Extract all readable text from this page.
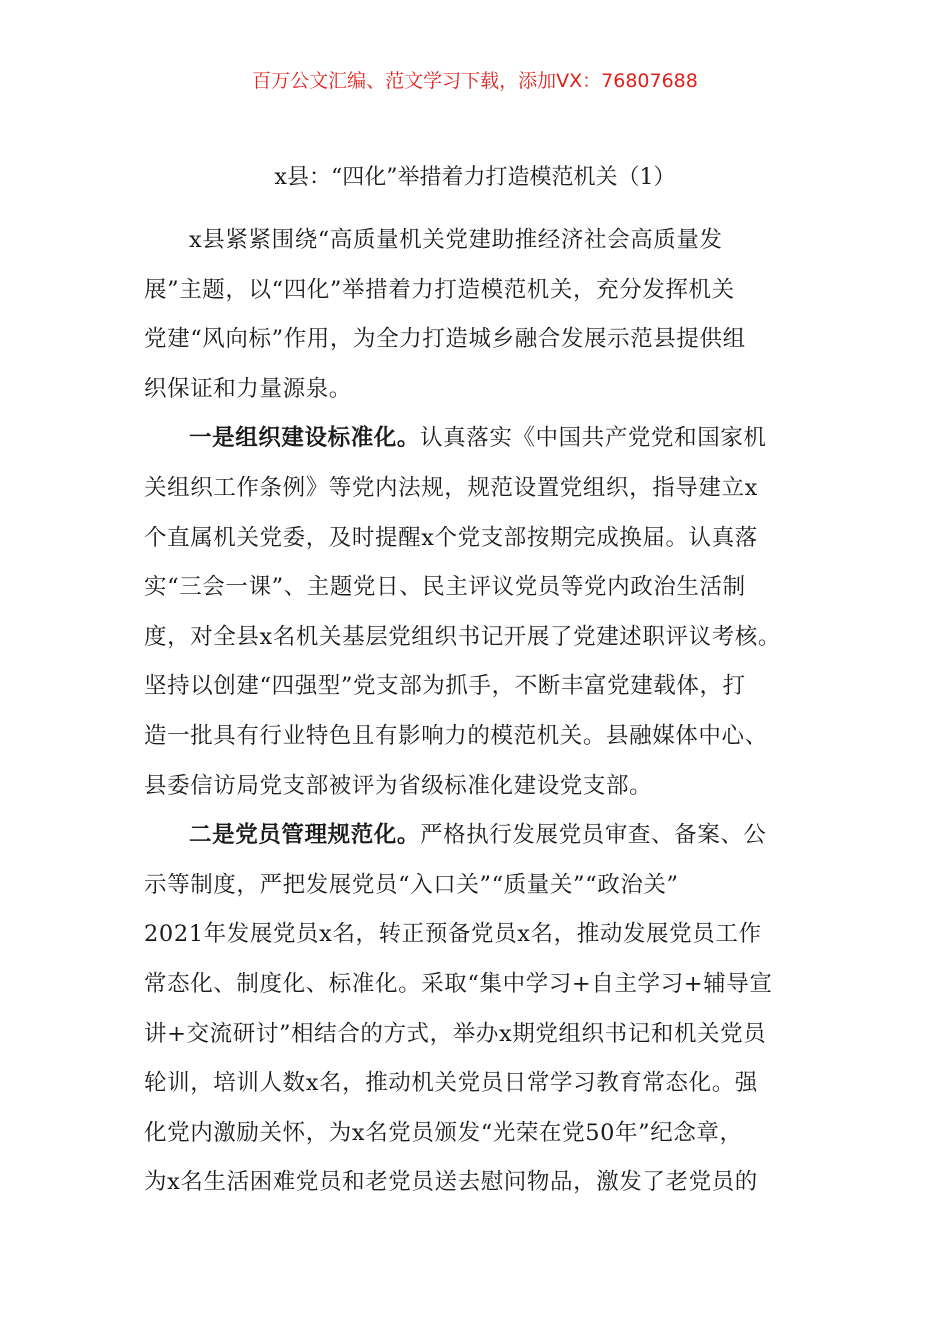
百万公文汇编、范文学习下载，添加VX：76807688
x县：“四化”举措着力打造模范机关（1）
x县紧紧围绕“高质量机关党建助推经济社会高质量发
展”主题，以“四化”举措着力打造模范机关，充分发挥机关
党建“风向标”作用，为全力打造城乡融合发展示范县提供组
织保证和力量源泉。
一是组织建设标准化。认真落实《中国共产党党和国家机
关组织工作条例》等党内法规，规范设置党组织，指导建立x
个直属机关党委，及时提醒x个党支部按期完成换届。认真落
实“三会一课”、主题党日、民主评议党员等党内政治生活制
度，对全县x名机关基层党组织书记开展了党建述职评议考核。
坚持以创建“四强型”党支部为抓手，不断丰富党建载体，打
造一批具有行业特色且有影响力的模范机关。县融媒体中心、
县委信访局党支部被评为省级标准化建设党支部。
二是党员管理规范化。严格执行发展党员审查、备案、公
示等制度，严把发展党员“入口关”“质量关”“政治关”
2021年发展党员x名，转正预备党员x名，推动发展党员工作
常态化、制度化、标准化。采取“集中学习+自主学习+辅导宣
讲+交流研讨”相结合的方式，举办x期党组织书记和机关党员
轮训，培训人数x名，推动机关党员日常学习教育常态化。强
化党内激励关怀，为x名党员颁发“光荣在党50年”纪念章，
为x名生活困难党员和老党员送去慰问物品，激发了老党员的
